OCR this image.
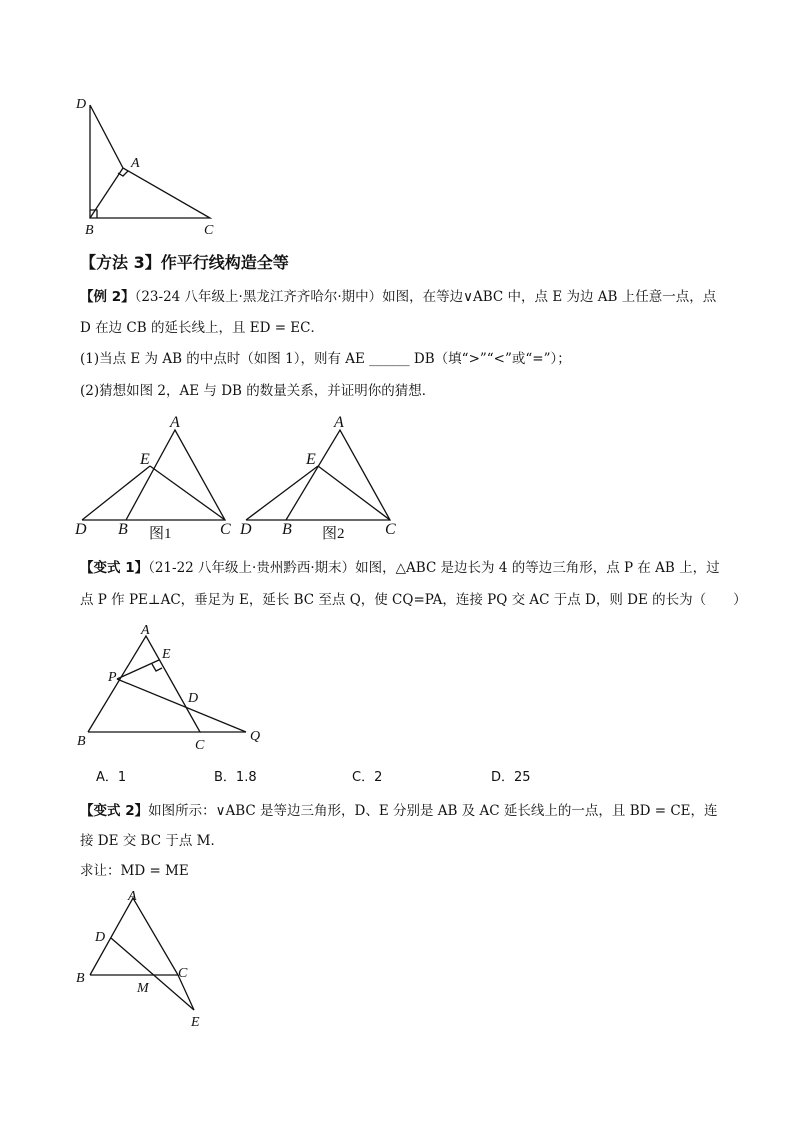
D
A
B	C
A
E
D B	C
A
E
D B	C
图1	图2
A
E
P
D
B	C
Q
A
D
B	C
M
E
【方法 3】作平行线构造全等
【例 2】（23-24 八年级上·黑龙江齐齐哈尔·期中）如图，在等边∨ABC 中，点 E 为边 AB 上任意一点，点
D 在边 CB 的延长线上，且 ED = EC．
(1)当点 E 为 AB 的中点时（如图 1），则有 AE ______ DB（填“>”“<”或“=”）；
(2)猜想如图 2，AE 与 DB 的数量关系，并证明你的猜想．
【变式 1】（21-22 八年级上·贵州黔西·期末）如图，△ABC 是边长为 4 的等边三角形，点 P 在 AB 上，过
点 P 作 PE⊥AC，垂足为 E，延长 BC 至点 Q，使 CQ=PA，连接 PQ 交 AC 于点 D，则 DE 的长为（　　）
A．1	B．1.8	C．2	D．25
【变式 2】如图所示：∨ABC 是等边三角形，D、E 分别是 AB 及 AC 延长线上的一点，且 BD = CE，连
接 DE 交 BC 于点 M．
求让：MD = ME
